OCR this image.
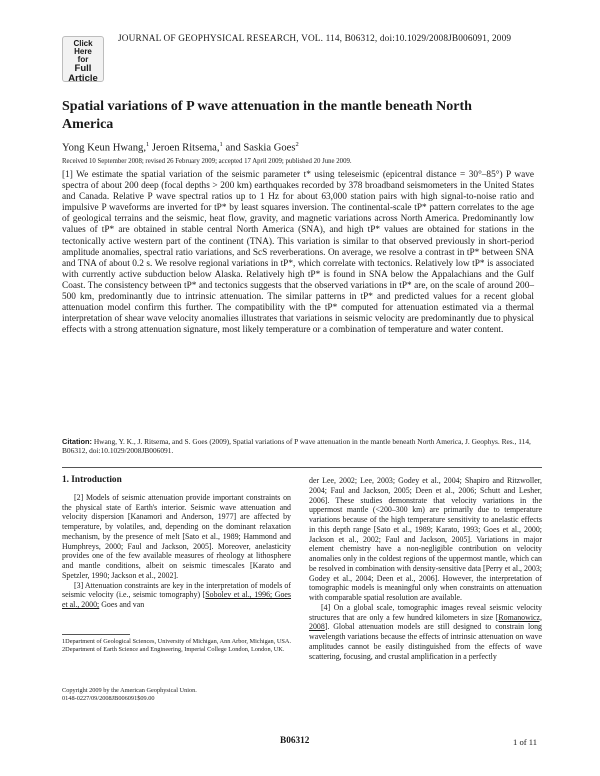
Click
Here
for
Full Article
JOURNAL OF GEOPHYSICAL RESEARCH, VOL. 114, B06312, doi:10.1029/2008JB006091, 2009
Spatial variations of P wave attenuation in the mantle beneath North America
Yong Keun Hwang,$^1$ Jeroen Ritsema,$^1$ and Saskia Goes$^2$
Received 10 September 2008; revised 26 February 2009; accepted 17 April 2009; published 20 June 2009.

[1] We estimate the spatial variation of the seismic parameter t* using teleseismic (epicentral distance = 30°–85°) P wave spectra of about 200 deep (focal depths > 200 km) earthquakes recorded by 378 broadband seismometers in the United States and Canada. Relative P wave spectral ratios up to 1 Hz for about 63,000 station pairs with high signal-to-noise ratio and impulsive P waveforms are inverted for tP* by least squares inversion. The continental-scale tP* pattern correlates to the age of geological terrains and the seismic, heat flow, gravity, and magnetic variations across North America. Predominantly low values of tP* are obtained in stable central North America (SNA), and high tP* values are obtained for stations in the tectonically active western part of the continent (TNA). This variation is similar to that observed previously in short-period amplitude anomalies, spectral ratio variations, and ScS reverberations. On average, we resolve a contrast in tP* between SNA and TNA of about 0.2 s. We resolve regional variations in tP*, which correlate with tectonics. Relatively low tP* is associated with currently active subduction below Alaska. Relatively high tP* is found in SNA below the Appalachians and the Gulf Coast. The consistency between tP* and tectonics suggests that the observed variations in tP* are, on the scale of around 200–500 km, predominantly due to intrinsic attenuation. The similar patterns in tP* and predicted values for a recent global attenuation model confirm this further. The compatibility with the tP* computed for attenuation estimated via a thermal interpretation of shear wave velocity anomalies illustrates that variations in seismic velocity are predominantly due to physical effects with a strong attenuation signature, most likely temperature or a combination of temperature and water content.

Citation: Hwang, Y. K., J. Ritsema, and S. Goes (2009), Spatial variations of P wave attenuation in the mantle beneath North America, J. Geophys. Res., 114, B06312, doi:10.1029/2008JB006091.

1. Introduction

[2] Models of seismic attenuation provide important constraints on the physical state of Earth's interior. Seismic wave attenuation and velocity dispersion [Kanamori and Anderson, 1977] are affected by temperature, by volatiles, and, depending on the dominant relaxation mechanism, by the presence of melt [Sato et al., 1989; Hammond and Humphreys, 2000; Faul and Jackson, 2005]. Moreover, anelasticity provides one of the few available measures of rheology at lithosphere and mantle conditions, albeit on seismic timescales [Karato and Spetzler, 1990; Jackson et al., 2002].

[3] Attenuation constraints are key in the interpretation of models of seismic velocity (i.e., seismic tomography) [Sobolev et al., 1996; Goes et al., 2000; Goes and van

der Lee, 2002; Lee, 2003; Godey et al., 2004; Shapiro and Ritzwoller, 2004; Faul and Jackson, 2005; Deen et al., 2006; Schutt and Lesher, 2006]. These studies demonstrate that velocity variations in the uppermost mantle (<200–300 km) are primarily due to temperature variations because of the high temperature sensitivity to anelastic effects in this depth range [Sato et al., 1989; Karato, 1993; Goes et al., 2000; Jackson et al., 2002; Faul and Jackson, 2005]. Variations in major element chemistry have a non-negligible contribution on velocity anomalies only in the coldest regions of the uppermost mantle, which can be resolved in combination with density-sensitive data [Perry et al., 2003; Godey et al., 2004; Deen et al., 2006]. However, the interpretation of tomographic models is meaningful only when constraints on attenuation with comparable spatial resolution are available.

[4] On a global scale, tomographic images reveal seismic velocity structures that are only a few hundred kilometers in size [Romanowicz, 2008]. Global attenuation models are still designed to constrain long wavelength variations because the effects of intrinsic attenuation on wave amplitudes cannot be easily distinguished from the effects of wave scattering, focusing, and crustal amplification in a perfectly

1Department of Geological Sciences, University of Michigan, Ann Arbor, Michigan, USA.

2Department of Earth Science and Engineering, Imperial College London, London, UK.

Copyright 2009 by the American Geophysical Union.

0148-0227/09/2008JB006091$09.00

B06312	1 of 11
